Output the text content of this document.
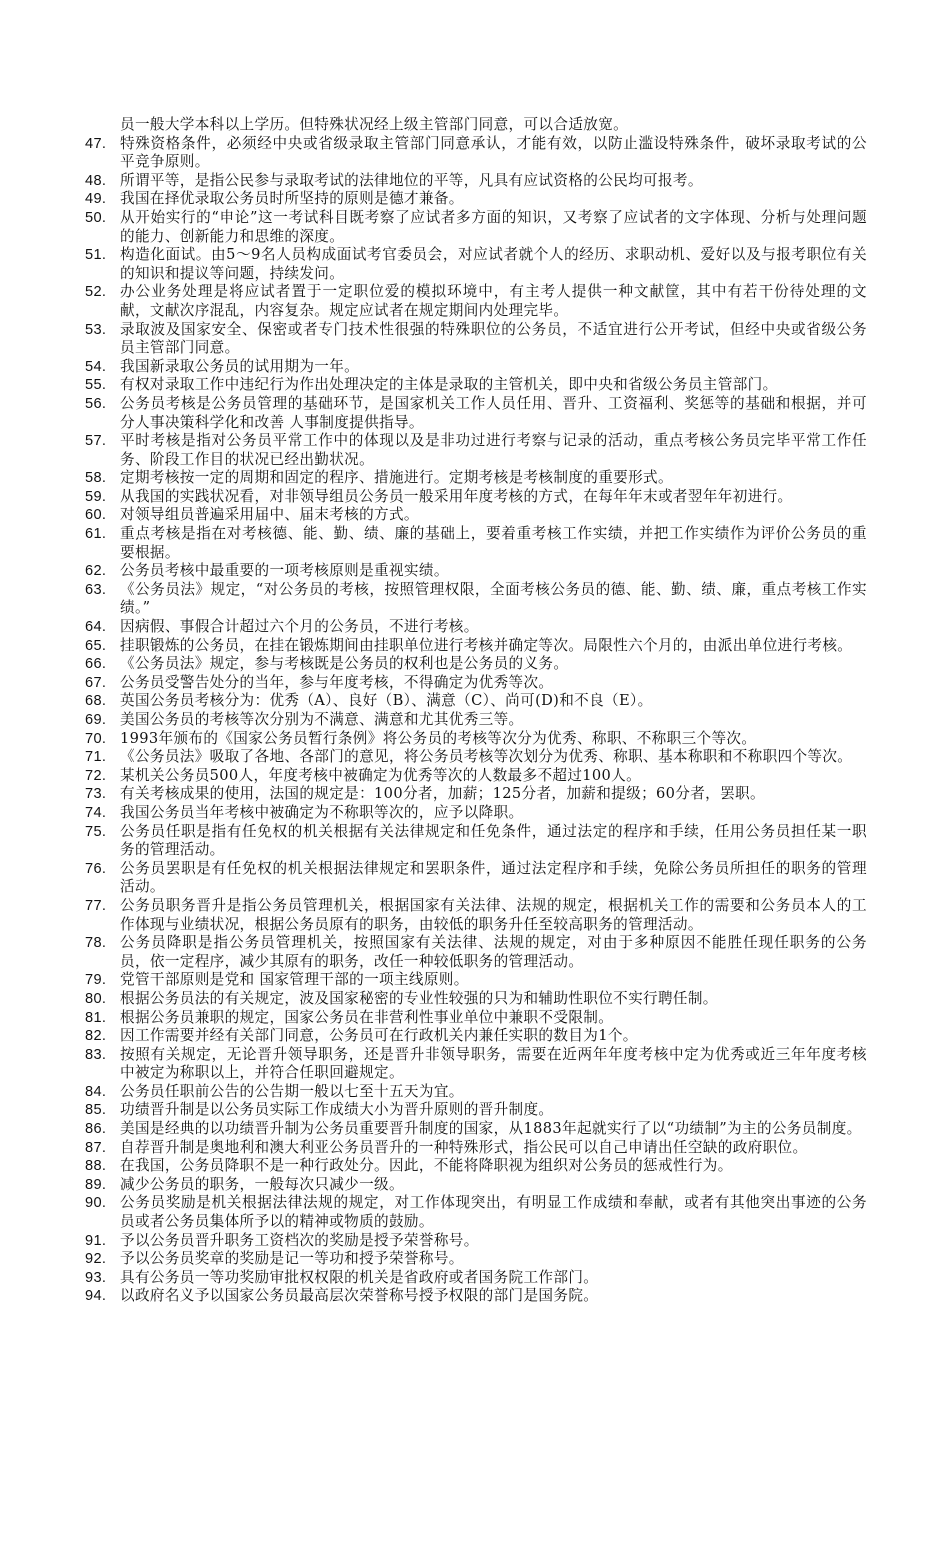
员一般大学本科以上学历。但特殊状况经上级主管部门同意，可以合适放宽。
47. 特殊资格条件，必须经中央或省级录取主管部门同意承认，才能有效，以防止滥设特殊条件，破坏录取考试的公平竞争原则。
48. 所谓平等，是指公民参与录取考试的法律地位的平等，凡具有应试资格的公民均可报考。
49. 我国在择优录取公务员时所坚持的原则是德才兼备。
50. 从开始实行的“申论”这一考试科目既考察了应试者多方面的知识，又考察了应试者的文字体现、分析与处理问题的能力、创新能力和思维的深度。
51. 构造化面试。由5～9名人员构成面试考官委员会，对应试者就个人的经历、求职动机、爱好以及与报考职位有关的知识和提议等问题，持续发问。
52. 办公业务处理是将应试者置于一定职位爱的模拟环境中，有主考人提供一种文献筐，其中有若干份待处理的文献，文献次序混乱，内容复杂。规定应试者在规定期间内处理完毕。
53. 录取波及国家安全、保密或者专门技术性很强的特殊职位的公务员，不适宜进行公开考试，但经中央或省级公务员主管部门同意。
54. 我国新录取公务员的试用期为一年。
55. 有权对录取工作中违纪行为作出处理决定的主体是录取的主管机关，即中央和省级公务员主管部门。
56. 公务员考核是公务员管理的基础环节，是国家机关工作人员任用、晋升、工资福利、奖惩等的基础和根据，并可分人事决策科学化和改善 人事制度提供指导。
57. 平时考核是指对公务员平常工作中的体现以及是非功过进行考察与记录的活动，重点考核公务员完毕平常工作任务、阶段工作目的状况已经出勤状况。
58. 定期考核按一定的周期和固定的程序、措施进行。定期考核是考核制度的重要形式。
59. 从我国的实践状况看，对非领导组员公务员一般采用年度考核的方式，在每年年末或者翌年年初进行。
60. 对领导组员普遍采用届中、届末考核的方式。
61. 重点考核是指在对考核德、能、勤、绩、廉的基础上，要着重考核工作实绩，并把工作实绩作为评价公务员的重要根据。
62. 公务员考核中最重要的一项考核原则是重视实绩。
63. 《公务员法》规定，“对公务员的考核，按照管理权限，全面考核公务员的德、能、勤、绩、廉，重点考核工作实绩。”
64. 因病假、事假合计超过六个月的公务员，不进行考核。
65. 挂职锻炼的公务员，在挂在锻炼期间由挂职单位进行考核并确定等次。局限性六个月的，由派出单位进行考核。
66. 《公务员法》规定，参与考核既是公务员的权利也是公务员的义务。
67. 公务员受警告处分的当年，参与年度考核，不得确定为优秀等次。
68. 英国公务员考核分为：优秀（A）、良好（B）、满意（C）、尚可(D)和不良（E）。
69. 美国公务员的考核等次分别为不满意、满意和尤其优秀三等。
70. 1993年颁布的《国家公务员暂行条例》将公务员的考核等次分为优秀、称职、不称职三个等次。
71. 《公务员法》吸取了各地、各部门的意见，将公务员考核等次划分为优秀、称职、基本称职和不称职四个等次。
72. 某机关公务员500人，年度考核中被确定为优秀等次的人数最多不超过100人。
73. 有关考核成果的使用，法国的规定是：100分者，加薪；125分者，加薪和提级；60分者，罢职。
74. 我国公务员当年考核中被确定为不称职等次的，应予以降职。
75. 公务员任职是指有任免权的机关根据有关法律规定和任免条件，通过法定的程序和手续，任用公务员担任某一职务的管理活动。
76. 公务员罢职是有任免权的机关根据法律规定和罢职条件，通过法定程序和手续，免除公务员所担任的职务的管理活动。
77. 公务员职务晋升是指公务员管理机关，根据国家有关法律、法规的规定，根据机关工作的需要和公务员本人的工作体现与业绩状况，根据公务员原有的职务，由较低的职务升任至较高职务的管理活动。
78. 公务员降职是指公务员管理机关，按照国家有关法律、法规的规定，对由于多种原因不能胜任现任职务的公务员，依一定程序，减少其原有的职务，改任一种较低职务的管理活动。
79. 党管干部原则是党和 国家管理干部的一项主线原则。
80. 根据公务员法的有关规定，波及国家秘密的专业性较强的只为和辅助性职位不实行聘任制。
81. 根据公务员兼职的规定，国家公务员在非营利性事业单位中兼职不受限制。
82. 因工作需要并经有关部门同意，公务员可在行政机关内兼任实职的数目为1个。
83. 按照有关规定，无论晋升领导职务，还是晋升非领导职务，需要在近两年年度考核中定为优秀或近三年年度考核中被定为称职以上，并符合任职回避规定。
84. 公务员任职前公告的公告期一般以七至十五天为宜。
85. 功绩晋升制是以公务员实际工作成绩大小为晋升原则的晋升制度。
86. 美国是经典的以功绩晋升制为公务员重要晋升制度的国家，从1883年起就实行了以“功绩制”为主的公务员制度。
87. 自荐晋升制是奥地利和澳大利亚公务员晋升的一种特殊形式，指公民可以自己申请出任空缺的政府职位。
88. 在我国，公务员降职不是一种行政处分。因此，不能将降职视为组织对公务员的惩戒性行为。
89. 减少公务员的职务，一般每次只减少一级。
90. 公务员奖励是机关根据法律法规的规定，对工作体现突出，有明显工作成绩和奉献，或者有其他突出事迹的公务员或者公务员集体所予以的精神或物质的鼓励。
91. 予以公务员晋升职务工资档次的奖励是授予荣誉称号。
92. 予以公务员奖章的奖励是记一等功和授予荣誉称号。
93. 具有公务员一等功奖励审批权权限的机关是省政府或者国务院工作部门。
94. 以政府名义予以国家公务员最高层次荣誉称号授予权限的部门是国务院。
